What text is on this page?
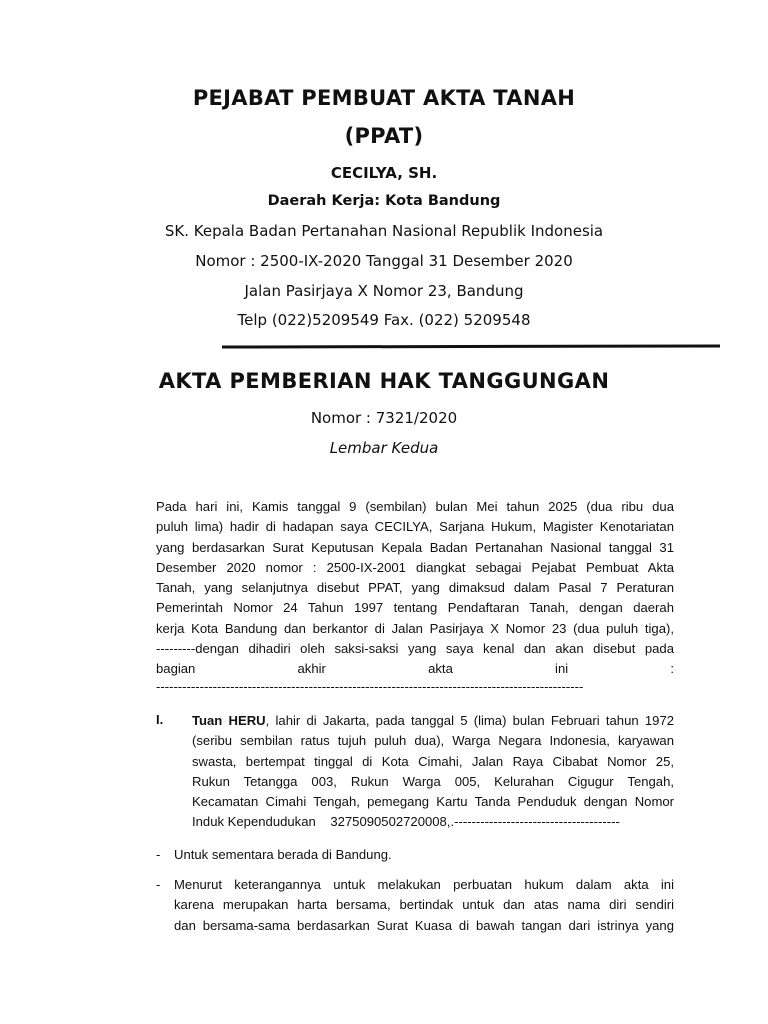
PEJABAT PEMBUAT AKTA TANAH
(PPAT)
CECILYA, SH.
Daerah Kerja: Kota Bandung
SK. Kepala Badan Pertanahan Nasional Republik Indonesia
Nomor : 2500-IX-2020 Tanggal 31 Desember 2020
Jalan Pasirjaya X Nomor 23, Bandung
Telp (022)5209549 Fax. (022) 5209548
AKTA PEMBERIAN HAK TANGGUNGAN
Nomor : 7321/2020
Lembar Kedua
Pada hari ini, Kamis tanggal 9 (sembilan) bulan Mei tahun 2025 (dua ribu dua
puluh lima) hadir di hadapan saya CECILYA, Sarjana Hukum, Magister Kenotariatan
yang berdasarkan Surat Keputusan Kepala Badan Pertanahan Nasional tanggal 31
Desember 2020 nomor : 2500-IX-2001 diangkat sebagai Pejabat Pembuat Akta
Tanah, yang selanjutnya disebut PPAT, yang dimaksud dalam Pasal 7 Peraturan
Pemerintah Nomor 24 Tahun 1997 tentang Pendaftaran Tanah, dengan daerah
kerja Kota Bandung dan berkantor di Jalan Pasirjaya X Nomor 23 (dua puluh tiga),
---------dengan dihadiri oleh saksi-saksi yang saya kenal dan akan disebut pada
bagian akhir akta ini :
--------------------------------------------------------------------------------------------------
I. Tuan HERU, lahir di Jakarta, pada tanggal 5 (lima) bulan Februari tahun 1972
(seribu sembilan ratus tujuh puluh dua), Warga Negara Indonesia, karyawan
swasta, bertempat tinggal di Kota Cimahi, Jalan Raya Cibabat Nomor 25,
Rukun Tetangga 003, Rukun Warga 005, Kelurahan Cigugur Tengah,
Kecamatan Cimahi Tengah, pemegang Kartu Tanda Penduduk dengan Nomor
Induk Kependudukan    3275090502720008,.--------------------------------------
- Untuk sementara berada di Bandung.
- Menurut keterangannya untuk melakukan perbuatan hukum dalam akta ini
karena merupakan harta bersama, bertindak untuk dan atas nama diri sendiri
dan bersama-sama berdasarkan Surat Kuasa di bawah tangan dari istrinya yang
